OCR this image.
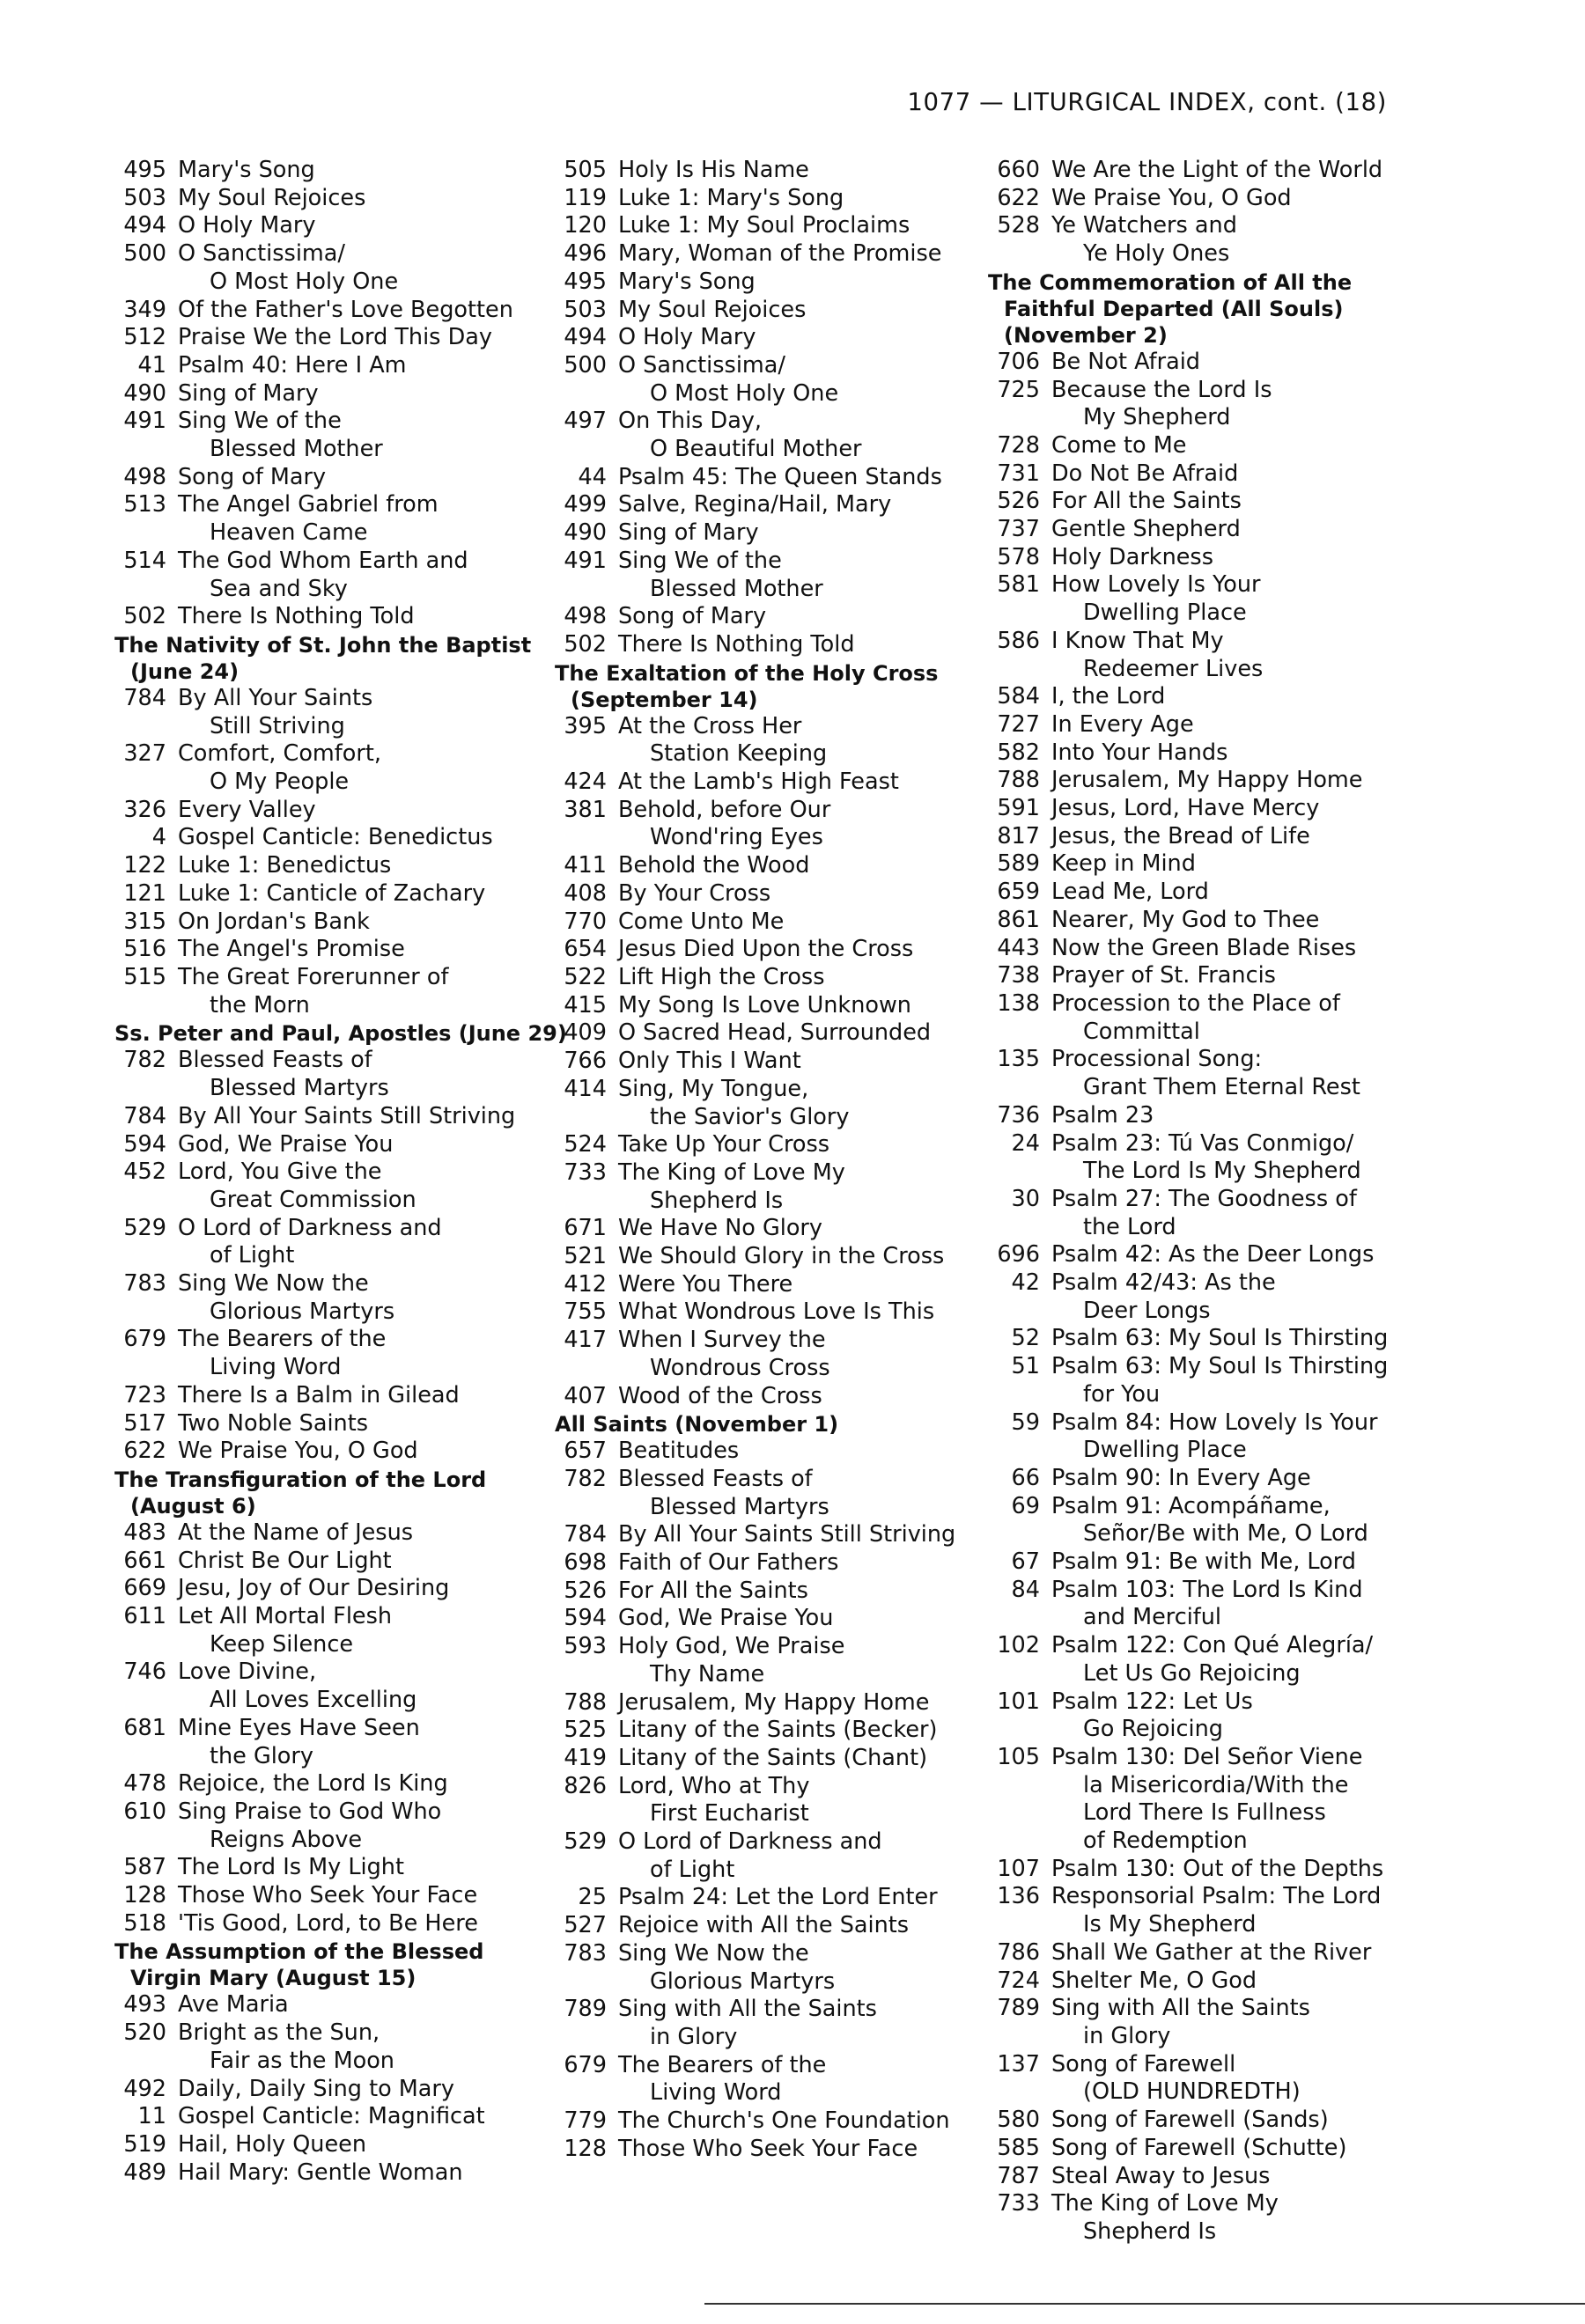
1077 — LITURGICAL INDEX, cont. (18)
495 Mary's Song
503 My Soul Rejoices
494 O Holy Mary
500 O Sanctissima/
O Most Holy One
349 Of the Father's Love Begotten
512 Praise We the Lord This Day
41 Psalm 40: Here I Am
490 Sing of Mary
491 Sing We of the
Blessed Mother
498 Song of Mary
513 The Angel Gabriel from
Heaven Came
514 The God Whom Earth and
Sea and Sky
502 There Is Nothing Told
The Nativity of St. John the Baptist
(June 24)
784 By All Your Saints
Still Striving
327 Comfort, Comfort,
O My People
326 Every Valley
4 Gospel Canticle: Benedictus
122 Luke 1: Benedictus
121 Luke 1: Canticle of Zachary
315 On Jordan's Bank
516 The Angel's Promise
515 The Great Forerunner of
the Morn
Ss. Peter and Paul, Apostles (June 29)
782 Blessed Feasts of
Blessed Martyrs
784 By All Your Saints Still Striving
594 God, We Praise You
452 Lord, You Give the
Great Commission
529 O Lord of Darkness and
of Light
783 Sing We Now the
Glorious Martyrs
679 The Bearers of the
Living Word
723 There Is a Balm in Gilead
517 Two Noble Saints
622 We Praise You, O God
The Transfiguration of the Lord
(August 6)
483 At the Name of Jesus
661 Christ Be Our Light
669 Jesu, Joy of Our Desiring
611 Let All Mortal Flesh
Keep Silence
746 Love Divine,
All Loves Excelling
681 Mine Eyes Have Seen
the Glory
478 Rejoice, the Lord Is King
610 Sing Praise to God Who
Reigns Above
587 The Lord Is My Light
128 Those Who Seek Your Face
518 'Tis Good, Lord, to Be Here
The Assumption of the Blessed
Virgin Mary (August 15)
493 Ave Maria
520 Bright as the Sun,
Fair as the Moon
492 Daily, Daily Sing to Mary
11 Gospel Canticle: Magnificat
519 Hail, Holy Queen
489 Hail Mary: Gentle Woman
505 Holy Is His Name
119 Luke 1: Mary's Song
120 Luke 1: My Soul Proclaims
496 Mary, Woman of the Promise
495 Mary's Song
503 My Soul Rejoices
494 O Holy Mary
500 O Sanctissima/
O Most Holy One
497 On This Day,
O Beautiful Mother
44 Psalm 45: The Queen Stands
499 Salve, Regina/Hail, Mary
490 Sing of Mary
491 Sing We of the
Blessed Mother
498 Song of Mary
502 There Is Nothing Told
The Exaltation of the Holy Cross
(September 14)
395 At the Cross Her
Station Keeping
424 At the Lamb's High Feast
381 Behold, before Our
Wond'ring Eyes
411 Behold the Wood
408 By Your Cross
770 Come Unto Me
654 Jesus Died Upon the Cross
522 Lift High the Cross
415 My Song Is Love Unknown
409 O Sacred Head, Surrounded
766 Only This I Want
414 Sing, My Tongue,
the Savior's Glory
524 Take Up Your Cross
733 The King of Love My
Shepherd Is
671 We Have No Glory
521 We Should Glory in the Cross
412 Were You There
755 What Wondrous Love Is This
417 When I Survey the
Wondrous Cross
407 Wood of the Cross
All Saints (November 1)
657 Beatitudes
782 Blessed Feasts of
Blessed Martyrs
784 By All Your Saints Still Striving
698 Faith of Our Fathers
526 For All the Saints
594 God, We Praise You
593 Holy God, We Praise
Thy Name
788 Jerusalem, My Happy Home
525 Litany of the Saints (Becker)
419 Litany of the Saints (Chant)
826 Lord, Who at Thy
First Eucharist
529 O Lord of Darkness and
of Light
25 Psalm 24: Let the Lord Enter
527 Rejoice with All the Saints
783 Sing We Now the
Glorious Martyrs
789 Sing with All the Saints
in Glory
679 The Bearers of the
Living Word
779 The Church's One Foundation
128 Those Who Seek Your Face
660 We Are the Light of the World
622 We Praise You, O God
528 Ye Watchers and
Ye Holy Ones
The Commemoration of All the
Faithful Departed (All Souls)
(November 2)
706 Be Not Afraid
725 Because the Lord Is
My Shepherd
728 Come to Me
731 Do Not Be Afraid
526 For All the Saints
737 Gentle Shepherd
578 Holy Darkness
581 How Lovely Is Your
Dwelling Place
586 I Know That My
Redeemer Lives
584 I, the Lord
727 In Every Age
582 Into Your Hands
788 Jerusalem, My Happy Home
591 Jesus, Lord, Have Mercy
817 Jesus, the Bread of Life
589 Keep in Mind
659 Lead Me, Lord
861 Nearer, My God to Thee
443 Now the Green Blade Rises
738 Prayer of St. Francis
138 Procession to the Place of
Committal
135 Processional Song:
Grant Them Eternal Rest
736 Psalm 23
24 Psalm 23: Tú Vas Conmigo/
The Lord Is My Shepherd
30 Psalm 27: The Goodness of
the Lord
696 Psalm 42: As the Deer Longs
42 Psalm 42/43: As the
Deer Longs
52 Psalm 63: My Soul Is Thirsting
51 Psalm 63: My Soul Is Thirsting
for You
59 Psalm 84: How Lovely Is Your
Dwelling Place
66 Psalm 90: In Every Age
69 Psalm 91: Acompáñame,
Señor/Be with Me, O Lord
67 Psalm 91: Be with Me, Lord
84 Psalm 103: The Lord Is Kind
and Merciful
102 Psalm 122: Con Qué Alegría/
Let Us Go Rejoicing
101 Psalm 122: Let Us
Go Rejoicing
105 Psalm 130: Del Señor Viene
la Misericordia/With the
Lord There Is Fullness
of Redemption
107 Psalm 130: Out of the Depths
136 Responsorial Psalm: The Lord
Is My Shepherd
786 Shall We Gather at the River
724 Shelter Me, O God
789 Sing with All the Saints
in Glory
137 Song of Farewell
(OLD HUNDREDTH)
580 Song of Farewell (Sands)
585 Song of Farewell (Schutte)
787 Steal Away to Jesus
733 The King of Love My
Shepherd Is
